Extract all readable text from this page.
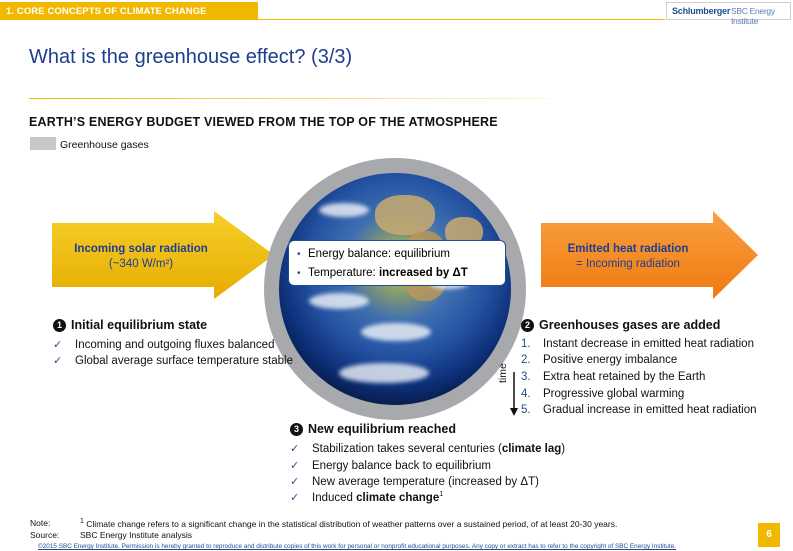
1. CORE CONCEPTS OF CLIMATE CHANGE	Schlumberger SBC Energy Institute
What is the greenhouse effect? (3/3)
EARTH’S ENERGY BUDGET VIEWED FROM THE TOP OF THE ATMOSPHERE
Greenhouse gases
Incoming solar radiation
(~340 W/m²)
Emitted heat radiation
= Incoming radiation
• Energy balance: equilibrium
• Temperature: increased by ΔT
1 Initial equilibrium state
✓ Incoming and outgoing fluxes balanced
✓ Global average surface temperature stable
2 Greenhouses gases are added
1. Instant decrease in emitted heat radiation
2. Positive energy imbalance
3. Extra heat retained by the Earth
4. Progressive global warming
5. Gradual increase in emitted heat radiation
time
3 New equilibrium reached
✓ Stabilization takes several centuries (climate lag)
✓ Energy balance back to equilibrium
✓ New average temperature (increased by ΔT)
✓ Induced climate change$^1$
Note:	$^1$ Climate change refers to a significant change in the statistical distribution of weather patterns over a sustained period, of at least 20-30 years.
Source: SBC Energy Institute analysis
©2015 SBC Energy Institute. Permission is hereby granted to reproduce and distribute copies of this work for personal or nonprofit educational purposes. Any copy or extract has to refer to the copyright of SBC Energy Institute.
6
